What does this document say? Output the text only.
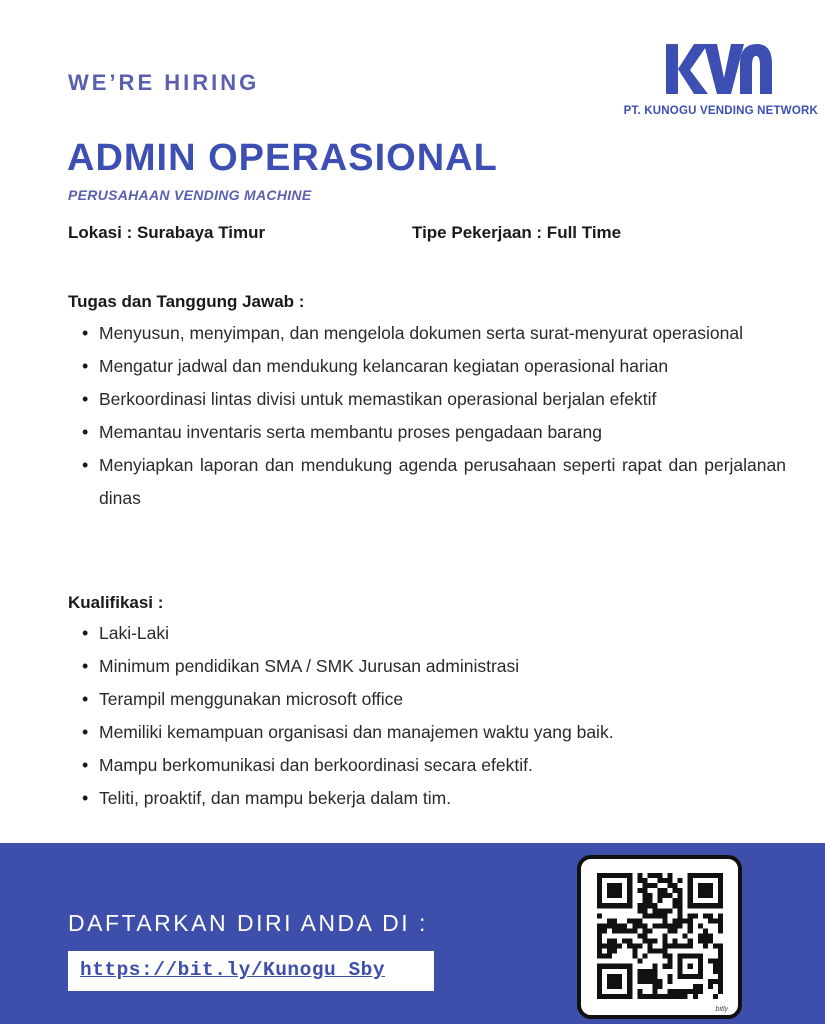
WE’RE HIRING
PT. KUNOGU VENDING NETWORK
ADMIN OPERASIONAL
PERUSAHAAN VENDING MACHINE
Lokasi : Surabaya Timur	Tipe Pekerjaan : Full Time
Tugas dan Tanggung Jawab :
• Menyusun, menyimpan, dan mengelola dokumen serta surat-menyurat operasional
• Mengatur jadwal dan mendukung kelancaran kegiatan operasional harian
• Berkoordinasi lintas divisi untuk memastikan operasional berjalan efektif
• Memantau inventaris serta membantu proses pengadaan barang
• Menyiapkan laporan dan mendukung agenda perusahaan seperti rapat dan perjalanan dinas
Kualifikasi :
• Laki-Laki
• Minimum pendidikan SMA / SMK Jurusan administrasi
• Terampil menggunakan microsoft office
• Memiliki kemampuan organisasi dan manajemen waktu yang baik.
• Mampu berkomunikasi dan berkoordinasi secara efektif.
• Teliti, proaktif, dan mampu bekerja dalam tim.
DAFTARKAN DIRI ANDA DI :
https://bit.ly/Kunogu_Sby
bitly
